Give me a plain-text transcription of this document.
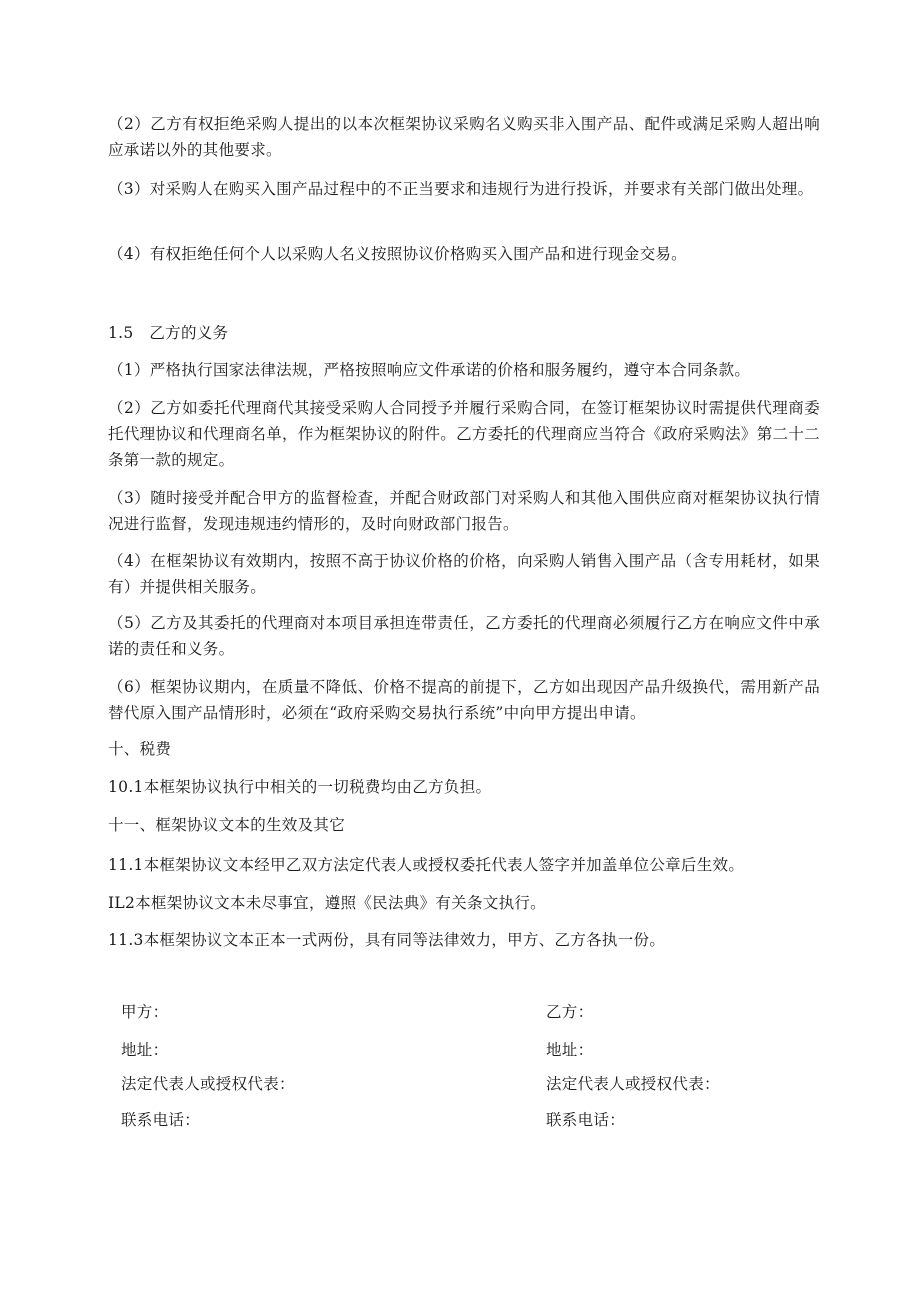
（2）乙方有权拒绝采购人提出的以本次框架协议采购名义购买非入围产品、配件或满足采购人超出响应承诺以外的其他要求。

（3）对采购人在购买入围产品过程中的不正当要求和违规行为进行投诉，并要求有关部门做出处理。

（4）有权拒绝任何个人以采购人名义按照协议价格购买入围产品和进行现金交易。

1.5　乙方的义务

（1）严格执行国家法律法规，严格按照响应文件承诺的价格和服务履约，遵守本合同条款。

（2）乙方如委托代理商代其接受采购人合同授予并履行采购合同，在签订框架协议时需提供代理商委托代理协议和代理商名单，作为框架协议的附件。乙方委托的代理商应当符合《政府采购法》第二十二条第一款的规定。

（3）随时接受并配合甲方的监督检查，并配合财政部门对采购人和其他入围供应商对框架协议执行情况进行监督，发现违规违约情形的，及时向财政部门报告。

（4）在框架协议有效期内，按照不高于协议价格的价格，向采购人销售入围产品（含专用耗材，如果有）并提供相关服务。

（5）乙方及其委托的代理商对本项目承担连带责任，乙方委托的代理商必须履行乙方在响应文件中承诺的责任和义务。

（6）框架协议期内，在质量不降低、价格不提高的前提下，乙方如出现因产品升级换代，需用新产品替代原入围产品情形时，必须在“政府采购交易执行系统”中向甲方提出申请。

十、税费

10.1本框架协议执行中相关的一切税费均由乙方负担。

十一、框架协议文本的生效及其它

11.1本框架协议文本经甲乙双方法定代表人或授权委托代表人签字并加盖单位公章后生效。

IL2本框架协议文本未尽事宜，遵照《民法典》有关条文执行。

11.3本框架协议文本正本一式两份，具有同等法律效力，甲方、乙方各执一份。

甲方：
地址：
法定代表人或授权代表：
联系电话：
乙方：
地址：
法定代表人或授权代表：
联系电话：
